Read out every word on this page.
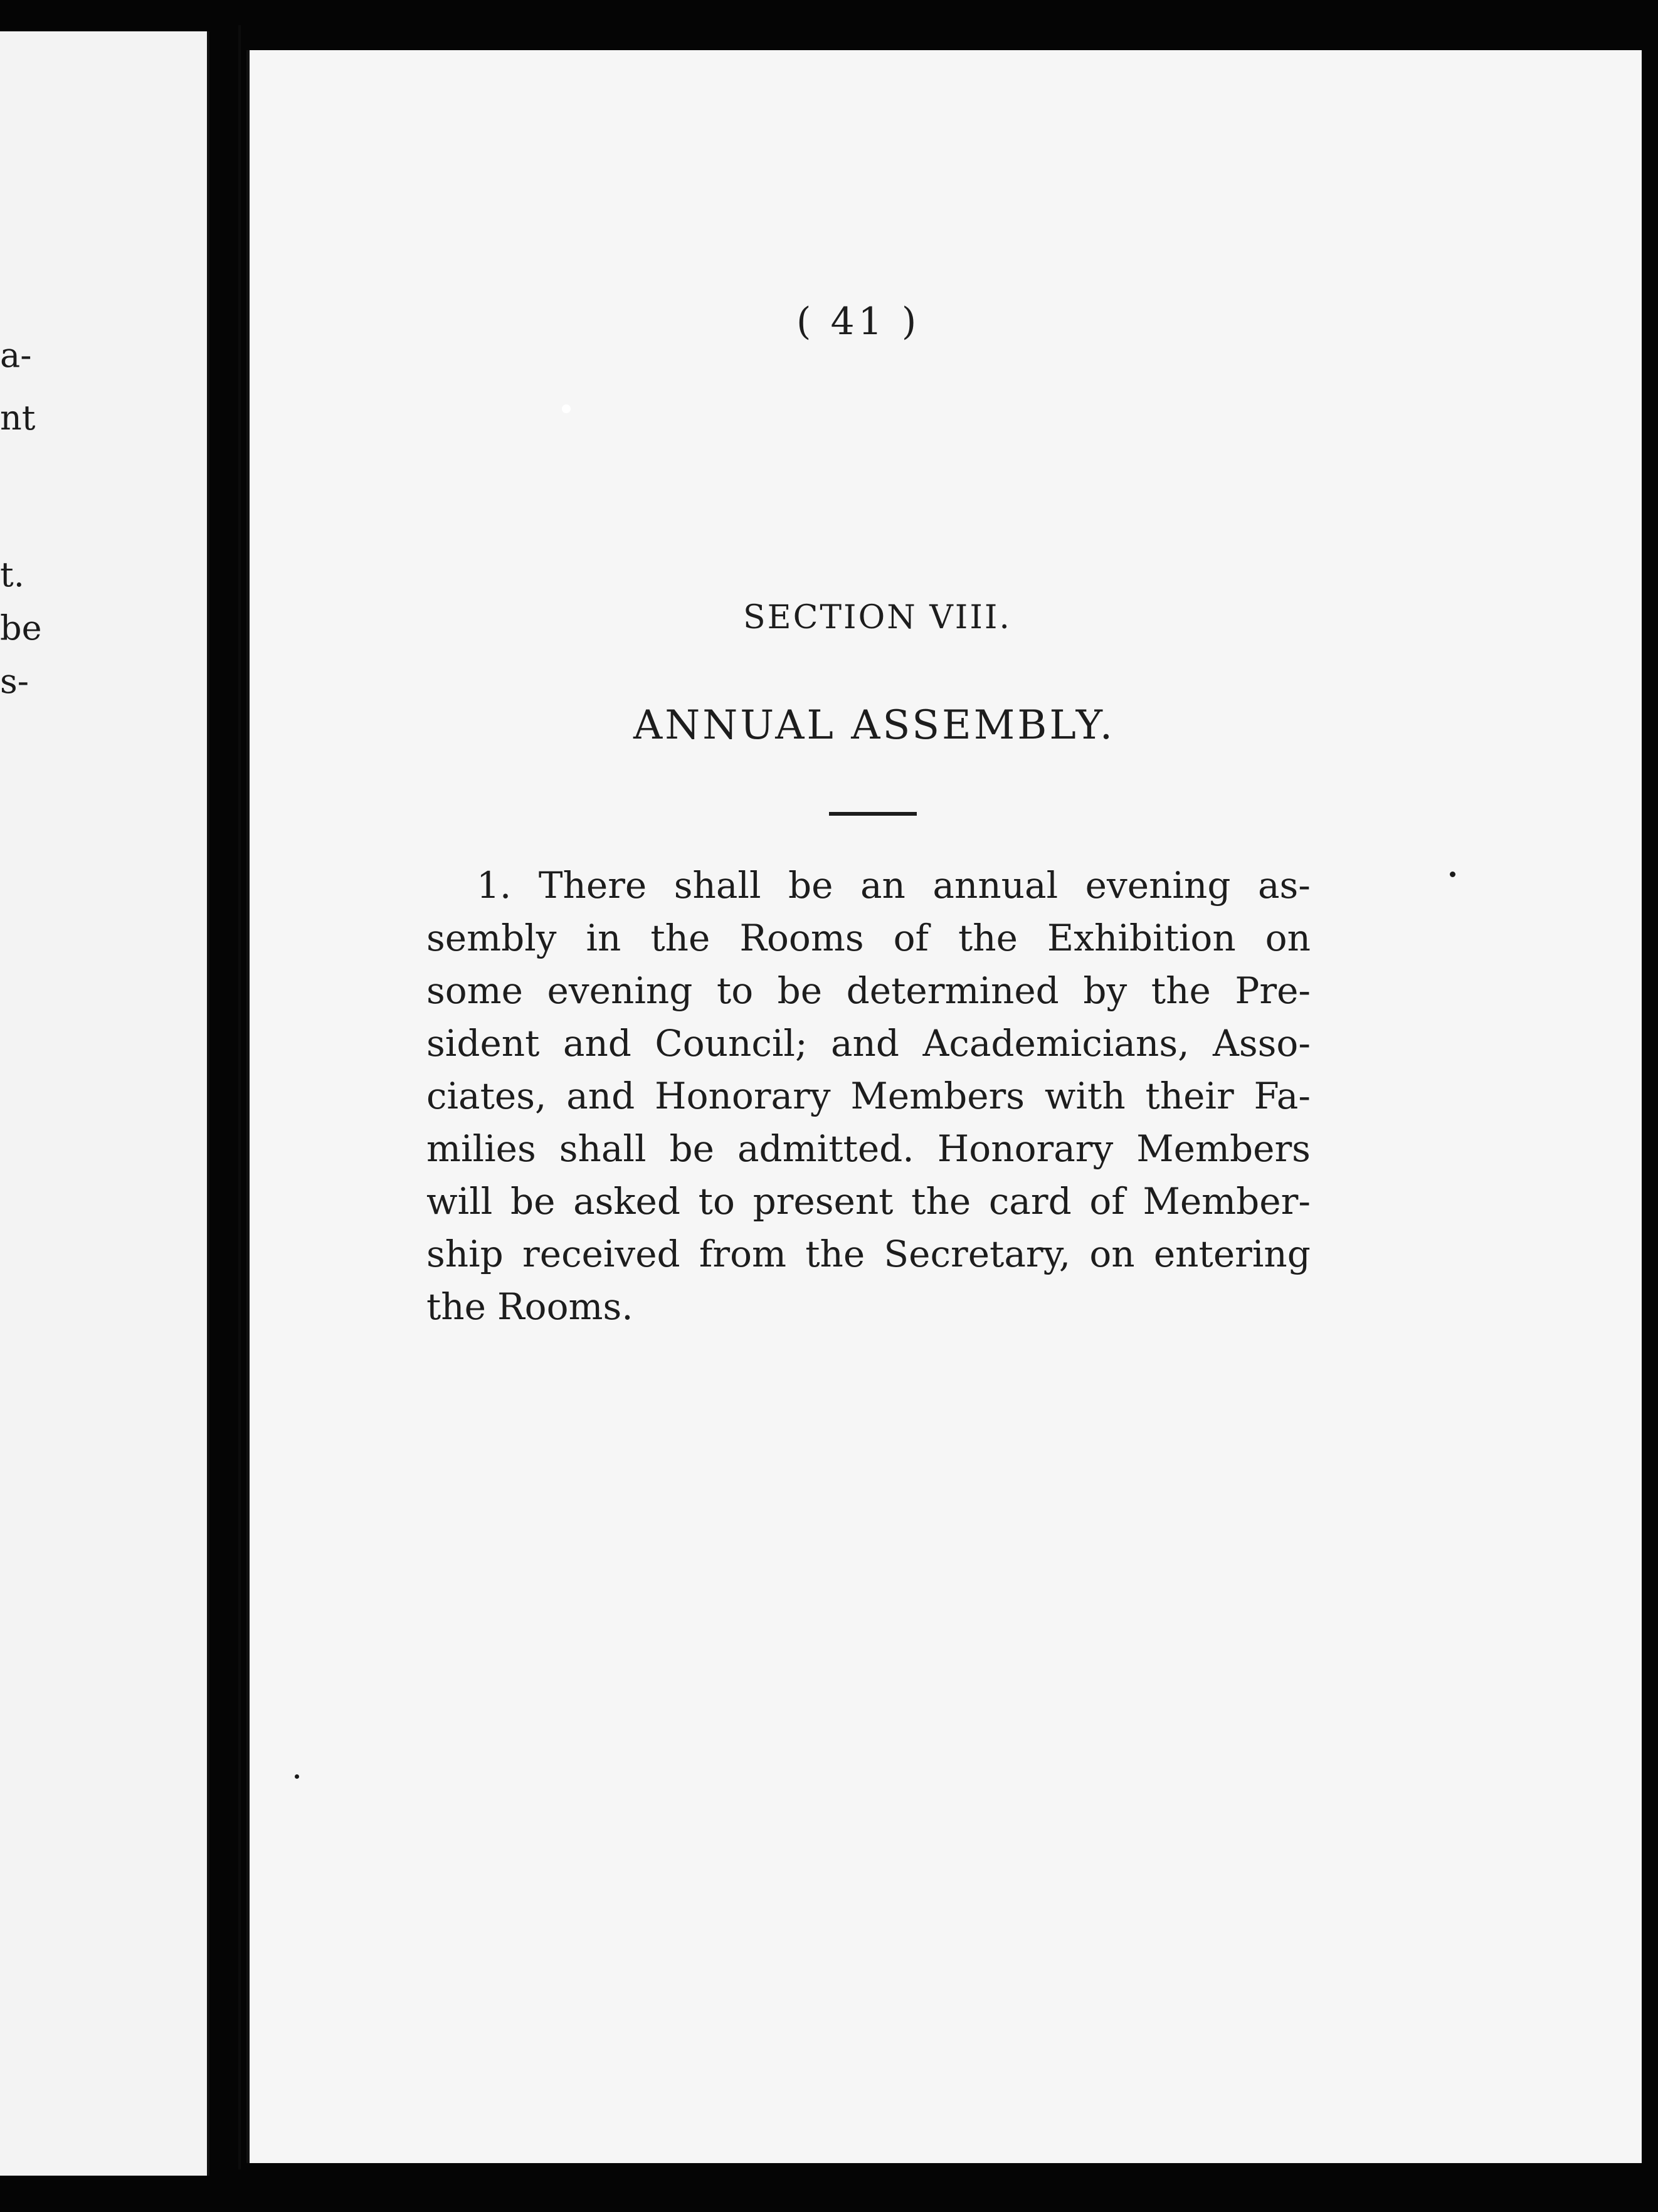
a-
nt
t.
be
s-
( 41 )
SECTION VIII.
ANNUAL ASSEMBLY.
1. There shall be an annual evening as-
sembly in the Rooms of the Exhibition on
some evening to be determined by the Pre-
sident and Council; and Academicians, Asso-
ciates, and Honorary Members with their Fa-
milies shall be admitted. Honorary Members
will be asked to present the card of Member-
ship received from the Secretary, on entering
the Rooms.
